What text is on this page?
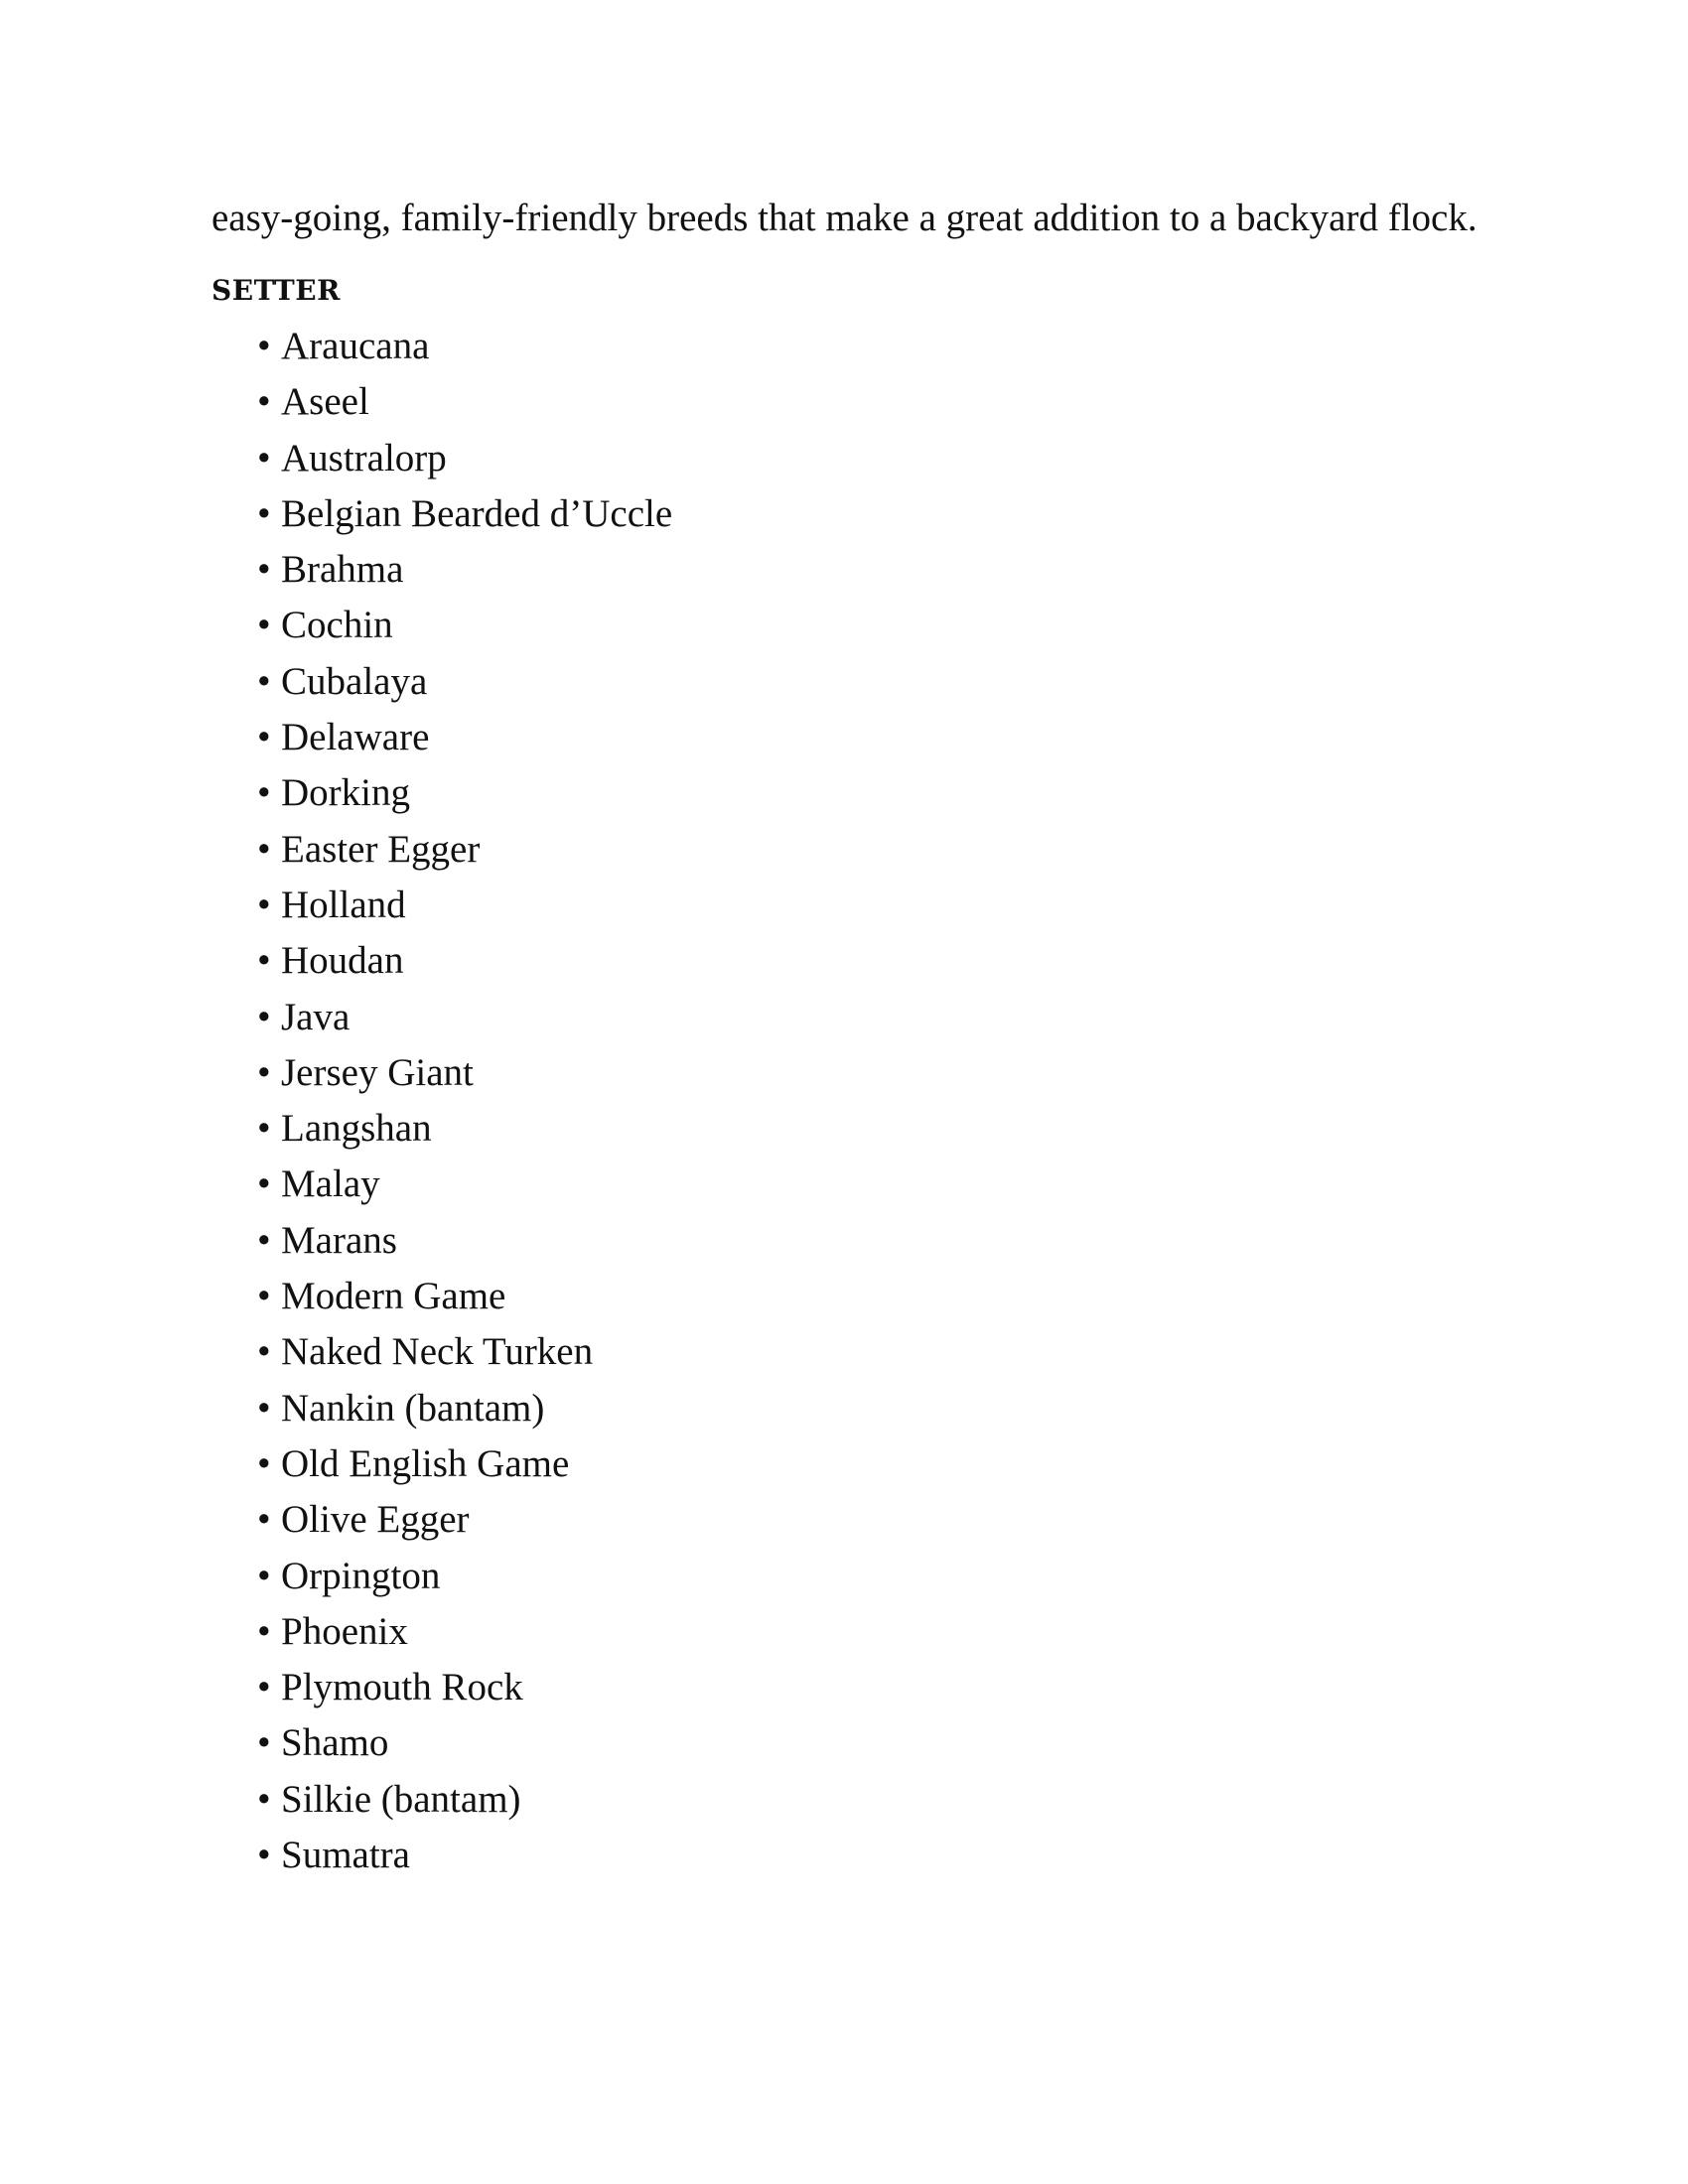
easy-going, family-friendly breeds that make a great addition to a backyard flock.

SETTER
• Araucana
• Aseel
• Australorp
• Belgian Bearded d’Uccle
• Brahma
• Cochin
• Cubalaya
• Delaware
• Dorking
• Easter Egger
• Holland
• Houdan
• Java
• Jersey Giant
• Langshan
• Malay
• Marans
• Modern Game
• Naked Neck Turken
• Nankin (bantam)
• Old English Game
• Olive Egger
• Orpington
• Phoenix
• Plymouth Rock
• Shamo
• Silkie (bantam)
• Sumatra
